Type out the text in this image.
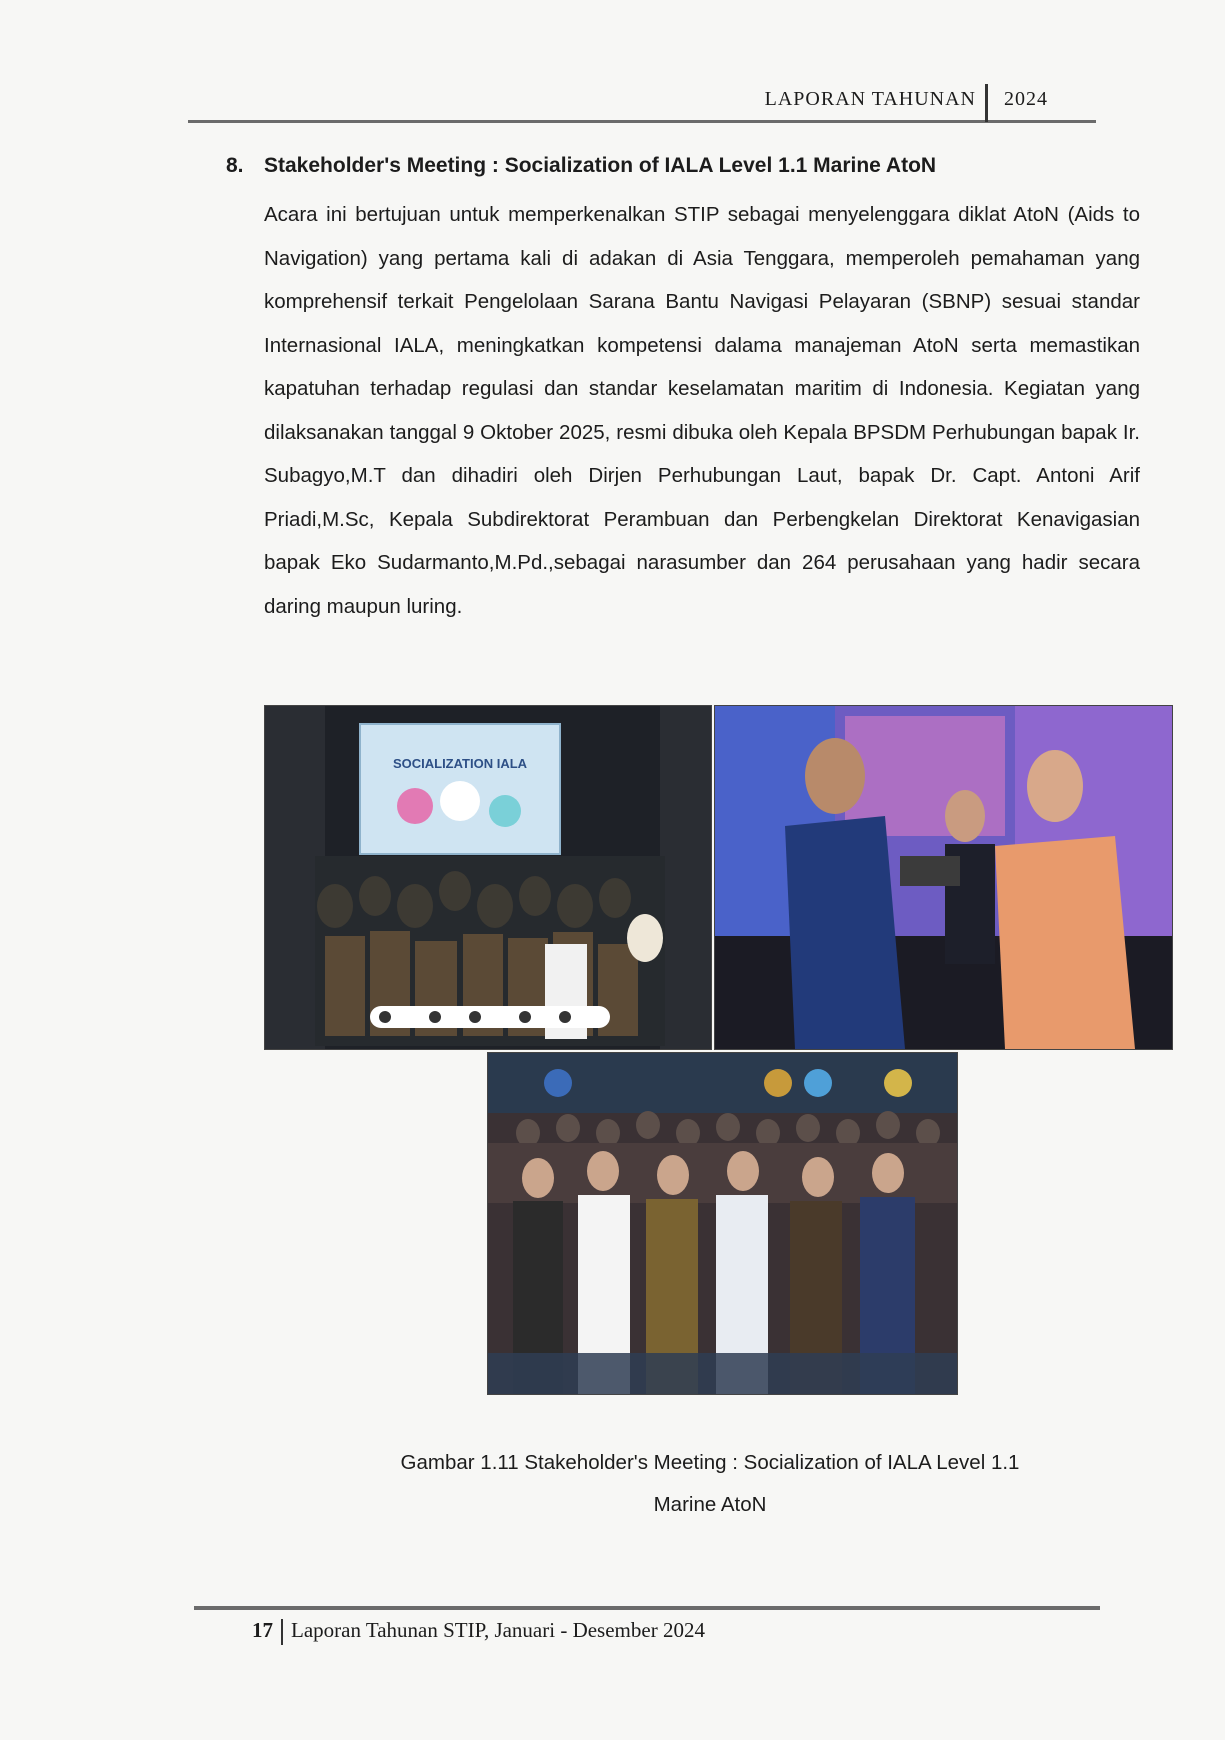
LAPORAN TAHUNAN 2024
8. Stakeholder's Meeting : Socialization of IALA Level 1.1 Marine AtoN
Acara ini bertujuan untuk memperkenalkan STIP sebagai menyelenggara diklat AtoN (Aids to Navigation) yang pertama kali di adakan di Asia Tenggara, memperoleh pemahaman yang komprehensif terkait Pengelolaan Sarana Bantu Navigasi Pelayaran (SBNP) sesuai standar Internasional IALA, meningkatkan kompetensi dalama manajeman AtoN serta memastikan kapatuhan terhadap regulasi dan standar keselamatan maritim di Indonesia. Kegiatan yang dilaksanakan tanggal 9 Oktober 2025, resmi dibuka oleh Kepala BPSDM Perhubungan bapak Ir. Subagyo,M.T dan dihadiri oleh Dirjen Perhubungan Laut, bapak Dr. Capt. Antoni Arif Priadi,M.Sc, Kepala Subdirektorat Perambuan dan Perbengkelan Direktorat Kenavigasian bapak Eko Sudarmanto,M.Pd.,sebagai narasumber dan 264 perusahaan yang hadir secara daring maupun luring.
SOCIALIZATION IALA
Gambar 1.11 Stakeholder's Meeting : Socialization of IALA Level 1.1
Marine AtoN
17 Laporan Tahunan STIP, Januari - Desember 2024
